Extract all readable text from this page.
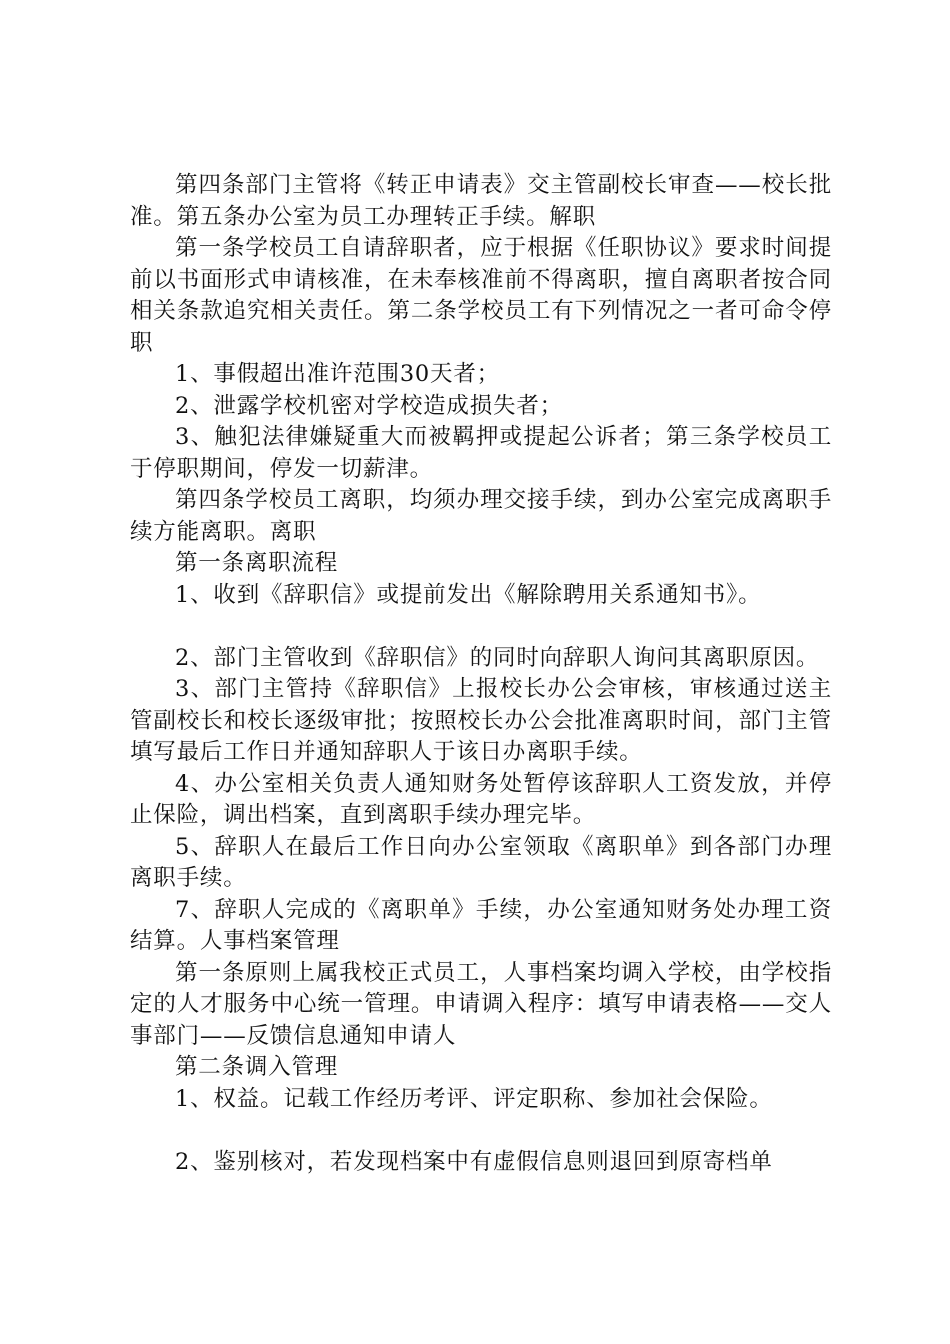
第四条部门主管将《转正申请表》交主管副校长审查——校长批准。第五条办公室为员工办理转正手续。解职

第一条学校员工自请辞职者，应于根据《任职协议》要求时间提前以书面形式申请核准，在未奉核准前不得离职，擅自离职者按合同相关条款追究相关责任。第二条学校员工有下列情况之一者可命令停职

1、事假超出准许范围30天者；

2、泄露学校机密对学校造成损失者；

3、触犯法律嫌疑重大而被羁押或提起公诉者；第三条学校员工于停职期间，停发一切薪津。

第四条学校员工离职，均须办理交接手续，到办公室完成离职手续方能离职。离职

第一条离职流程

1、收到《辞职信》或提前发出《解除聘用关系通知书》。

2、部门主管收到《辞职信》的同时向辞职人询问其离职原因。

3、部门主管持《辞职信》上报校长办公会审核，审核通过送主管副校长和校长逐级审批；按照校长办公会批准离职时间，部门主管填写最后工作日并通知辞职人于该日办离职手续。

4、办公室相关负责人通知财务处暂停该辞职人工资发放，并停止保险，调出档案，直到离职手续办理完毕。

5、辞职人在最后工作日向办公室领取《离职单》到各部门办理离职手续。

7、辞职人完成的《离职单》手续，办公室通知财务处办理工资结算。人事档案管理

第一条原则上属我校正式员工，人事档案均调入学校，由学校指定的人才服务中心统一管理。申请调入程序：填写申请表格——交人事部门——反馈信息通知申请人

第二条调入管理

1、权益。记载工作经历考评、评定职称、参加社会保险。

2、鉴别核对，若发现档案中有虚假信息则退回到原寄档单
